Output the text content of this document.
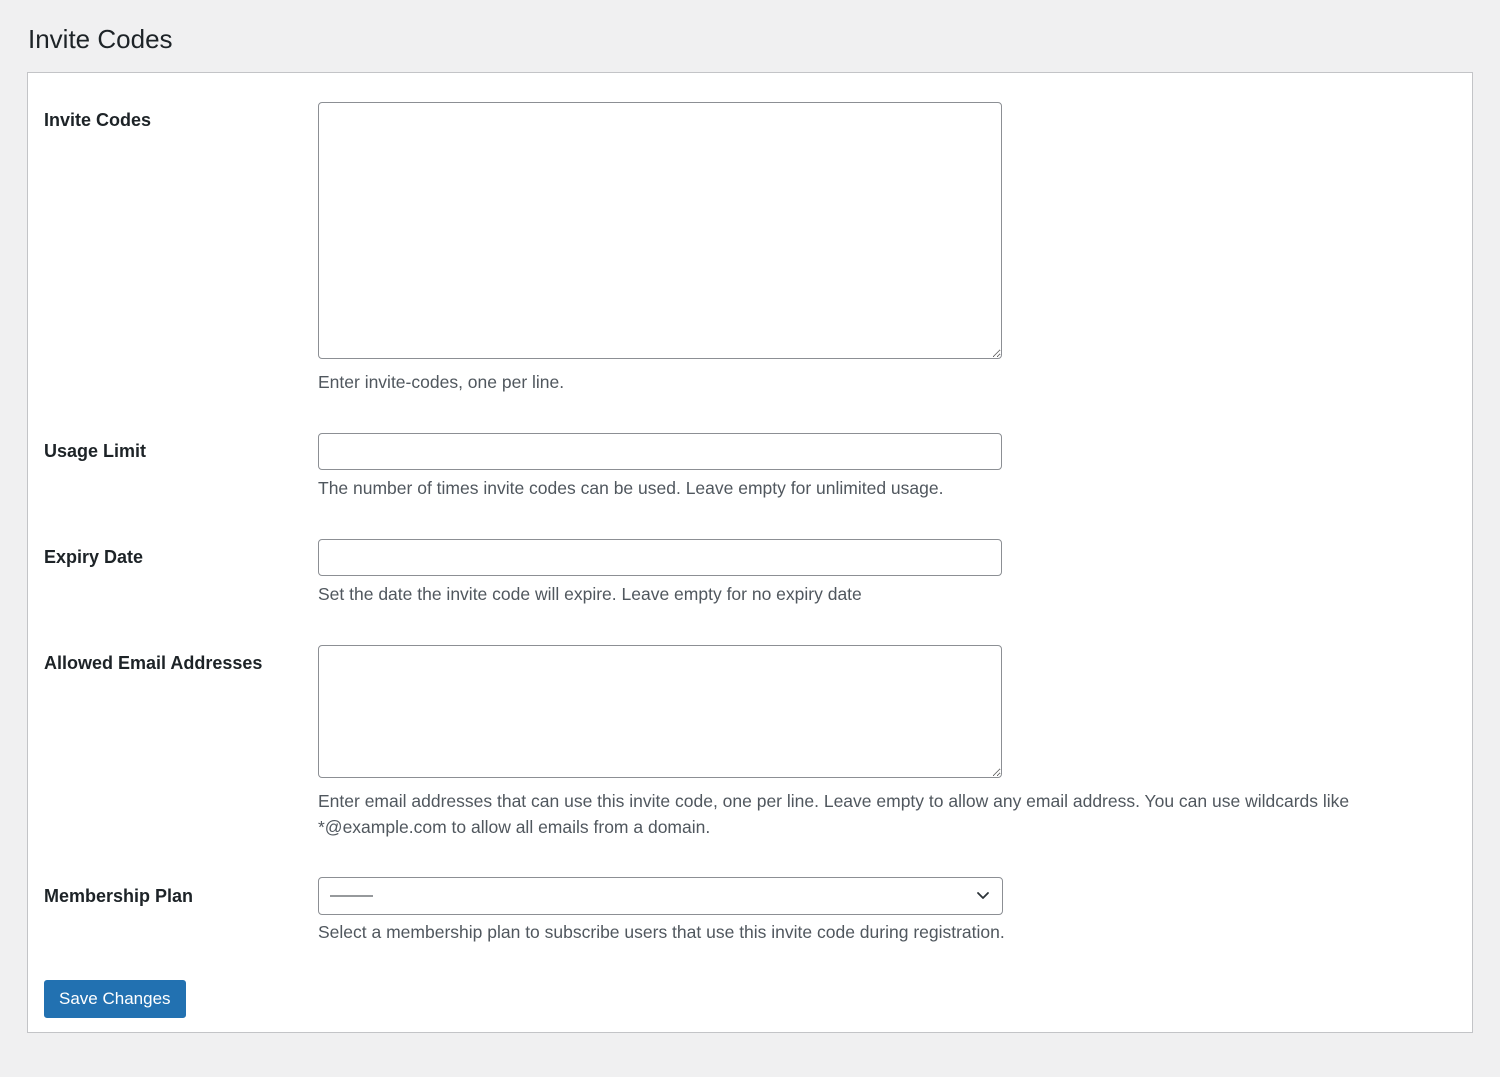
Invite Codes
Invite Codes

Enter invite-codes, one per line.

Usage Limit

The number of times invite codes can be used. Leave empty for unlimited usage.

Expiry Date

Set the date the invite code will expire. Leave empty for no expiry date

Allowed Email Addresses

Enter email addresses that can use this invite code, one per line. Leave empty to allow any email address. You can use wildcards like *@example.com to allow all emails from a domain.

Membership Plan	———

Select a membership plan to subscribe users that use this invite code during registration.

Save Changes
